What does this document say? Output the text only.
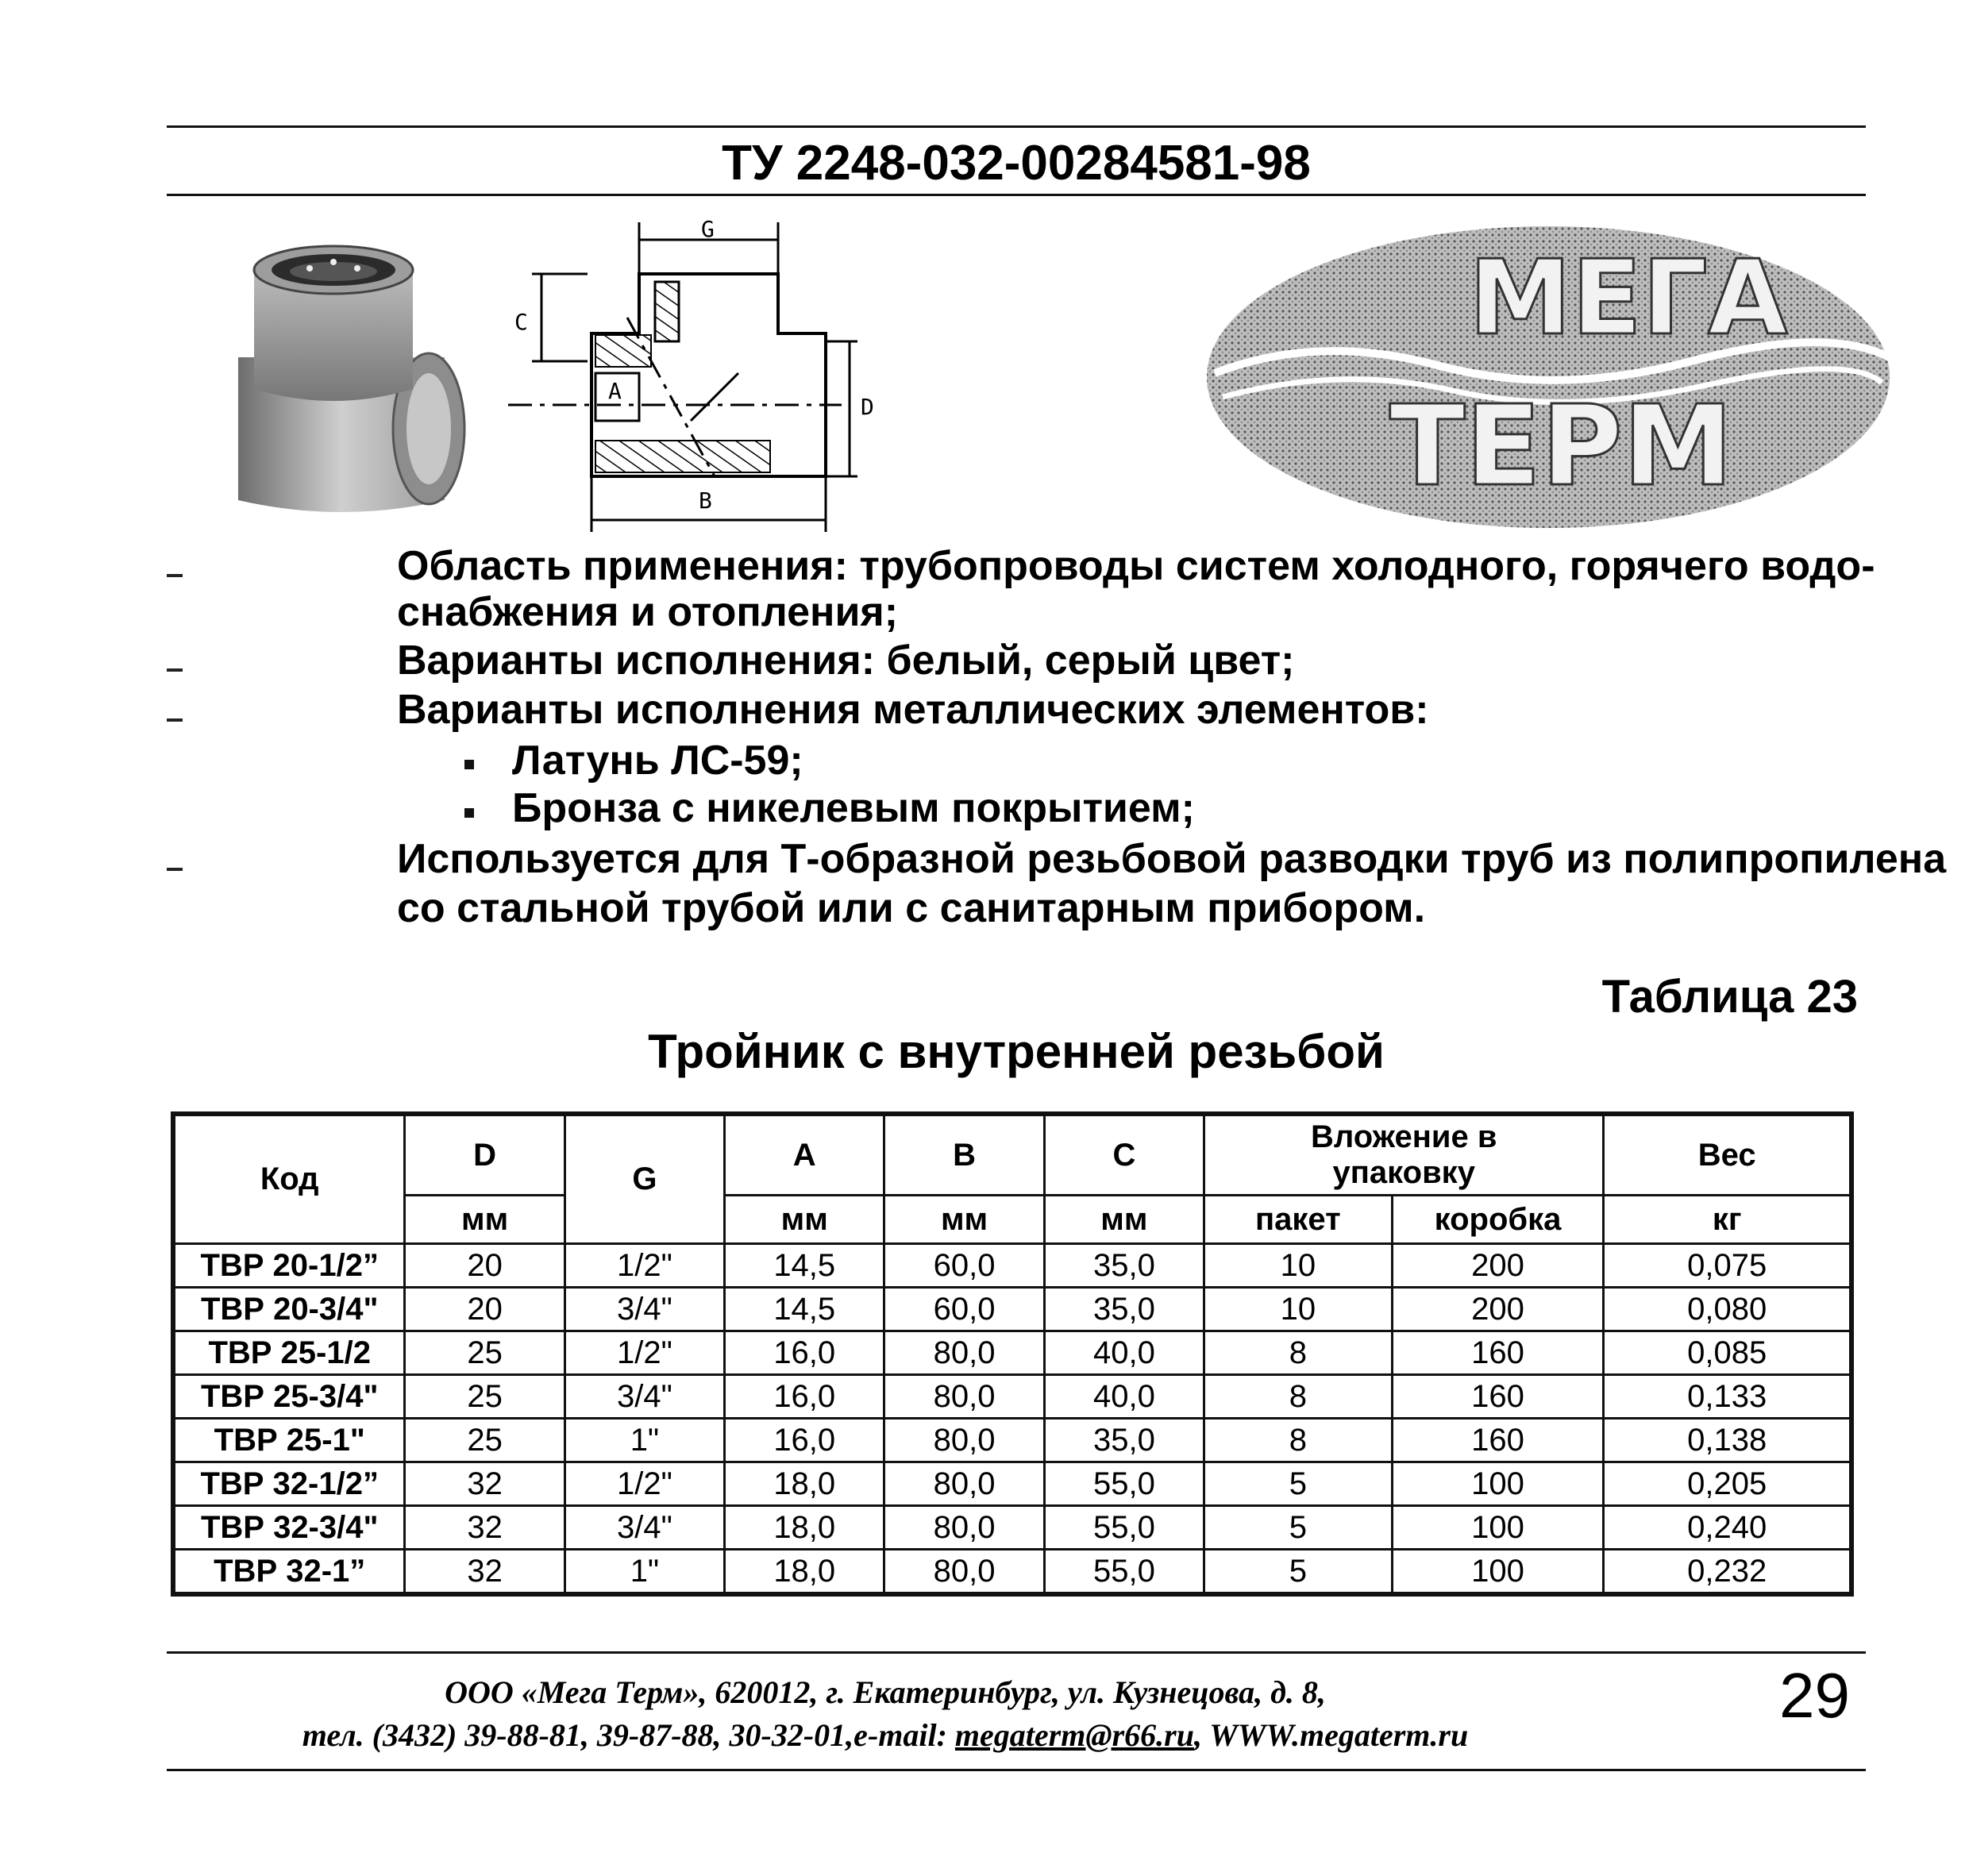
ТУ 2248-032-00284581-98
G
C
A
D
B
МЕГА
ТЕРМ
Область применения: трубопроводы систем холодного, горячего водо-
снабжения и отопления;
Варианты исполнения: белый, серый цвет;
Варианты исполнения металлических элементов:
Латунь ЛС-59;
Бронза с никелевым покрытием;
Используется для Т-образной резьбовой разводки труб из полипропилена
со стальной трубой или с санитарным прибором.
Таблица 23
Тройник с внутренней резьбой
Код	D	G	A	B	C	Вложение в упаковку		Вес
	мм		мм	мм	мм	пакет	коробка	кг
ТВР 20-1/2”	20	1/2"	14,5	60,0	35,0	10	200	0,075
ТВР 20-3/4"	20	3/4"	14,5	60,0	35,0	10	200	0,080
ТВР 25-1/2	25	1/2"	16,0	80,0	40,0	8	160	0,085
ТВР 25-3/4"	25	3/4"	16,0	80,0	40,0	8	160	0,133
ТВР 25-1"	25	1"	16,0	80,0	35,0	8	160	0,138
ТВР 32-1/2”	32	1/2"	18,0	80,0	55,0	5	100	0,205
ТВР 32-3/4"	32	3/4"	18,0	80,0	55,0	5	100	0,240
ТВР 32-1”	32	1"	18,0	80,0	55,0	5	100	0,232
ООО «Мега Терм», 620012, г. Екатеринбург, ул. Кузнецова, д. 8,
тел. (3432) 39-88-81, 39-87-88, 30-32-01,e-mail: megaterm@r66.ru, WWW.megaterm.ru
29
